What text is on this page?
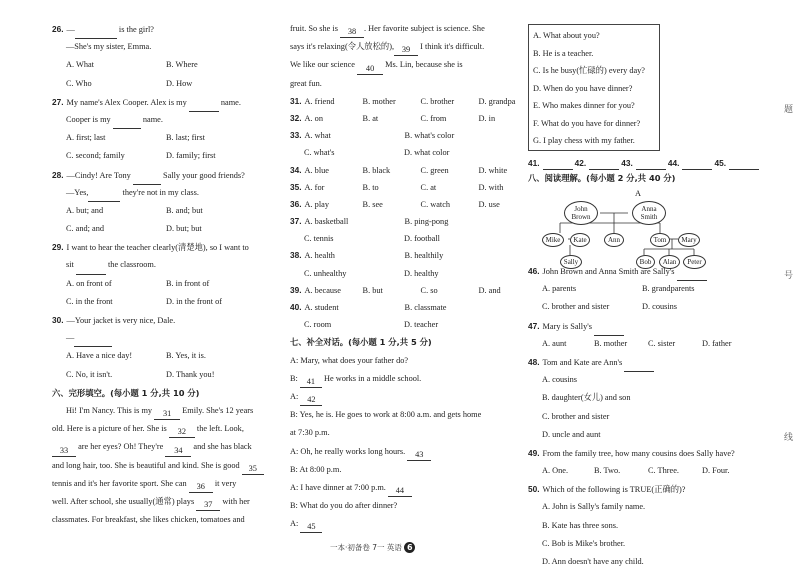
26. —	is the girl?
—She's my sister, Emma.
A. What	B. Where
C. Who	D. How
27. My name's Alex Cooper. Alex is my	name.
Cooper is my	name.
A. first; last	B. last; first
C. second; family	D. family; first
28. —Cindy! Are Tony	Sally your good friends?
—Yes,	they're not in my class.
A. but; and	B. and; but
C. and; and	D. but; but
29. I want to hear the teacher clearly(清楚地), so I want to
sit	the classroom.
A. on front of	B. in front of
C. in the front	D. in the front of
30. —Your jacket is very nice, Dale.
—
A. Have a nice day!	B. Yes, it is.
C. No, it isn't.	D. Thank you!
六、完形填空。(每小题 1 分,共 10 分)
Hi! I'm Nancy. This is my 31 Emily. She's 12 years
old. Here is a picture of her. She is 32 the left. Look,
33 are her eyes? Oh! They're 34 and she has black
and long hair, too. She is beautiful and kind. She is good 35
tennis and it's her favorite sport. She can 36 it very
well. After school, she usually(通常) plays 37 with her
classmates. For breakfast, she likes chicken, tomatoes and
fruit. So she is 38 . Her favorite subject is science. She
says it's relaxing(令人放松的), 39 I think it's difficult.
We like our science 40 Ms. Lin, because she is
great fun.
31. A. friend	B. mother	C. brother	D. grandpa
32. A. on	B. at	C. from	D. in
33. A. what	B. what's color
C. what's	D. what color
34. A. blue	B. black	C. green	D. white
35. A. for	B. to	C. at	D. with
36. A. play	B. see	C. watch	D. use
37. A. basketball	B. ping-pong
C. tennis	D. football
38. A. health	B. healthily
C. unhealthy	D. healthy
39. A. because	B. but	C. so	D. and
40. A. student	B. classmate
C. room	D. teacher
七、补全对话。(每小题 1 分,共 5 分)
A: Mary, what does your father do?
B: 41 He works in a middle school.
A: 42
B: Yes, he is. He goes to work at 8:00 a.m. and gets home
at 7:30 p.m.
A: Oh, he really works long hours. 43
B: At 8:00 p.m.
A: I have dinner at 7:00 p.m. 44
B: What do you do after dinner?
A: 45
A. What about you?
B. He is a teacher.
C. Is he busy(忙碌的) every day?
D. When do you have dinner?
E. Who makes dinner for you?
F. What do you have for dinner?
G. I play chess with my father.
41.	42.	43.	44.	45.
八、阅读理解。(每小题 2 分,共 40 分)
A
John Brown
Anna Smith
Mike	Kate	Ann	Tom	Mary
Sally	Bob	Alan	Peter
46. John Brown and Anna Smith are Sally's
A. parents	B. grandparents
C. brother and sister	D. cousins
47. Mary is Sally's
A. aunt	B. mother	C. sister	D. father
48. Tom and Kate are Ann's
A. cousins
B. daughter(女儿) and son
C. brother and sister
D. uncle and aunt
49. From the family tree, how many cousins does Sally have?
A. One.	B. Two.	C. Three.	D. Four.
50. Which of the following is TRUE(正确的)?
A. John is Sally's family name.
B. Kate has three sons.
C. Bob is Mike's brother.
D. Ann doesn't have any child.
题
号
线
一本·初备卷 7一 英语 6
